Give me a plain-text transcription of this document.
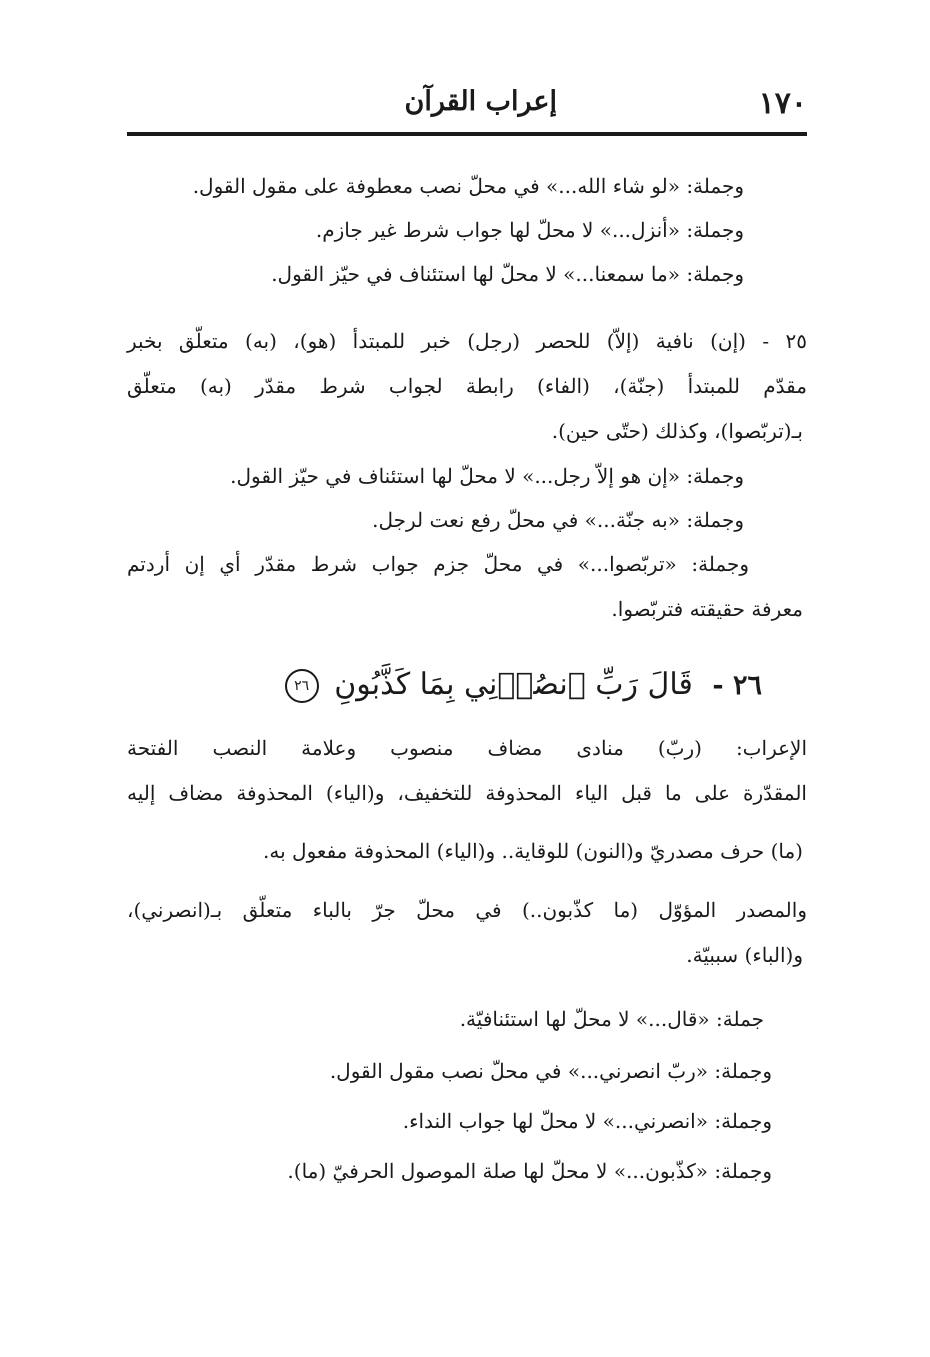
١٧٠
إعراب القرآن
وجملة: «لو شاء الله...» في محلّ نصب معطوفة على مقول القول.
وجملة: «أنزل...» لا محلّ لها جواب شرط غير جازم.
وجملة: «ما سمعنا...» لا محلّ لها استئناف في حيّز القول.
٢٥ - (إن) نافية (إلاّ) للحصر (رجل) خبر للمبتدأ (هو)، (به) متعلّق بخبر
مقدّم للمبتدأ (جنّة)، (الفاء) رابطة لجواب شرط مقدّر (به) متعلّق
بـ(تربّصوا)، وكذلك (حتّى حين).
وجملة: «إن هو إلاّ رجل...» لا محلّ لها استئناف في حيّز القول.
وجملة: «به جنّة...» في محلّ رفع نعت لرجل.
وجملة: «تربّصوا...» في محلّ جزم جواب شرط مقدّر أي إن أردتم
معرفة حقيقته فتربّصوا.
٢٦ - قَالَ رَبِّ ٱنصُرۡنِي بِمَا كَذَّبُونِ ٢٦
الإعراب: (ربّ) منادى مضاف منصوب وعلامة النصب الفتحة
المقدّرة على ما قبل الياء المحذوفة للتخفيف، و(الياء) المحذوفة مضاف إليه
(ما) حرف مصدريّ و(النون) للوقاية.. و(الياء) المحذوفة مفعول به.
والمصدر المؤوّل (ما كذّبون..) في محلّ جرّ بالباء متعلّق بـ(انصرني)،
و(الباء) سببيّة.
جملة: «قال...» لا محلّ لها استئنافيّة.
وجملة: «ربّ انصرني...» في محلّ نصب مقول القول.
وجملة: «انصرني...» لا محلّ لها جواب النداء.
وجملة: «كذّبون...» لا محلّ لها صلة الموصول الحرفيّ (ما).
